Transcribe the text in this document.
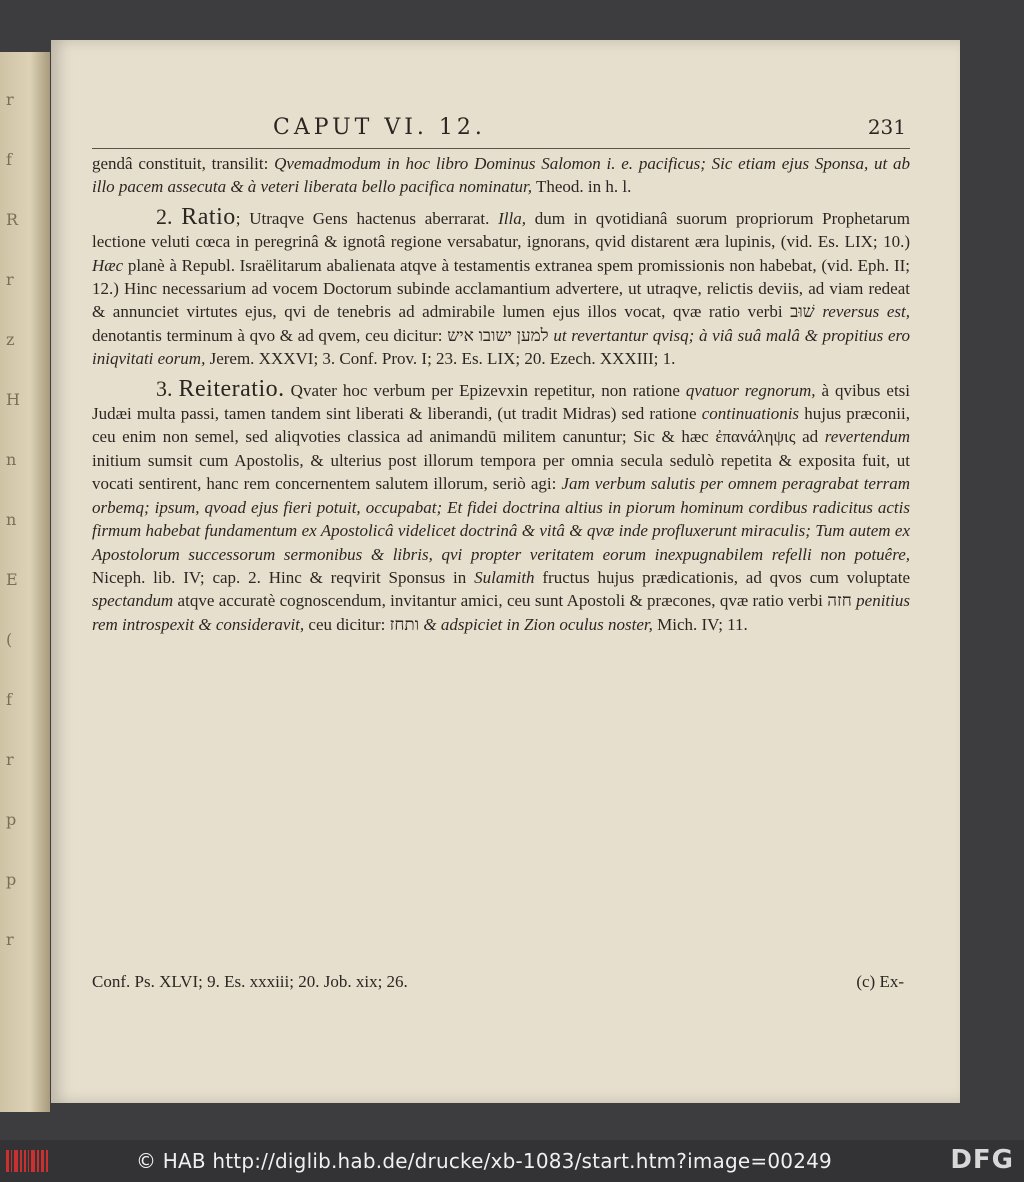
r
f
R
r
z
H
n
n
E
(
f
r
p
p
r
CAPUT VI. 12.	231

gendâ constituit, transilit: Qvemadmodum in hoc libro Dominus Salomon i. e. pacificus; Sic etiam ejus Sponsa, ut ab illo pacem assecuta & à veteri liberata bello pacifica nominatur, Theod. in h. l.

2. Ratio; Utraqve Gens hactenus aberrarat. Illa, dum in qvotidianâ suorum propriorum Prophetarum lectione veluti cœca in peregrinâ & ignotâ regione versabatur, ignorans, qvid distarent æra lupinis, (vid. Es. LIX; 10.) Hæc planè à Republ. Israëlitarum abalienata atqve à testamentis extranea spem promissionis non habebat, (vid. Eph. II; 12.) Hinc necessarium ad vocem Doctorum subinde acclamantium advertere, ut utraqve, relictis deviis, ad viam redeat & annunciet virtutes ejus, qvi de tenebris ad admirabile lumen ejus illos vocat, qvæ ratio verbi שׁוּב reversus est, denotantis terminum à qvo & ad qvem, ceu dicitur: למען ישובו איש ut revertantur qvisq; à viâ suâ malâ & propitius ero iniqvitati eorum, Jerem. XXXVI; 3. Conf. Prov. I; 23. Es. LIX; 20. Ezech. XXXIII; 1.

3. Reiteratio. Qvater hoc verbum per Epizevxin repetitur, non ratione qvatuor regnorum, à qvibus etsi Judæi multa passi, tamen tandem sint liberati & liberandi, (ut tradit Midras) sed ratione continuationis hujus præconii, ceu enim non semel, sed aliqvoties classica ad animandū militem canuntur; Sic & hæc ἐπανάληψις ad revertendum initium sumsit cum Apostolis, & ulterius post illorum tempora per omnia secula sedulò repetita & exposita fuit, ut vocati sentirent, hanc rem concernentem salutem illorum, seriò agi: Jam verbum salutis per omnem peragrabat terram orbemq; ipsum, qvoad ejus fieri potuit, occupabat; Et fidei doctrina altius in piorum hominum cordibus radicitus actis firmum habebat fundamentum ex Apostolicâ videlicet doctrinâ & vitâ & qvæ inde profluxerunt miraculis; Tum autem ex Apostolorum successorum sermonibus & libris, qvi propter veritatem eorum inexpugnabilem refelli non potuêre, Niceph. lib. IV; cap. 2. Hinc & reqvirit Sponsus in Sulamith fructus hujus prædicationis, ad qvos cum voluptate spectandum atqve accuratè cognoscendum, invitantur amici, ceu sunt Apostoli & præcones, qvæ ratio verbi חזה penitius rem introspexit & consideravit, ceu dicitur: ותחז & adspiciet in Zion oculus noster, Mich. IV; 11.

Conf. Ps. XLVI; 9. Es. xxxiii; 20. Job. xix; 26.	(c) Ex-
© HAB http://diglib.hab.de/drucke/xb-1083/start.htm?image=00249	DFG
